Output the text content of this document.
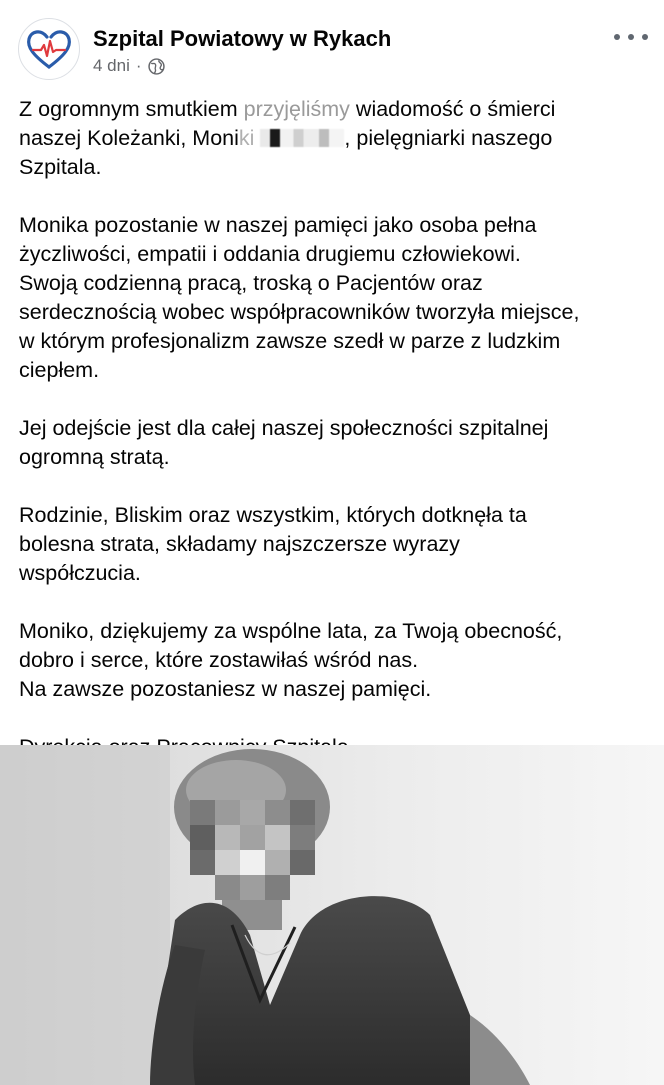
Szpital Powiatowy w Rykach
4 dni ·

Z ogromnym smutkiem przyjęliśmy wiadomość o śmierci
naszej Koleżanki, Moniki	, pielęgniarki naszego
Szpitala.

Monika pozostanie w naszej pamięci jako osoba pełna
życzliwości, empatii i oddania drugiemu człowiekowi.
Swoją codzienną pracą, troską o Pacjentów oraz
serdecznością wobec współpracowników tworzyła miejsce,
w którym profesjonalizm zawsze szedł w parze z ludzkim
ciepłem.

Jej odejście jest dla całej naszej społeczności szpitalnej
ogromną stratą.

Rodzinie, Bliskim oraz wszystkim, których dotknęła ta
bolesna strata, składamy najszczersze wyrazy
współczucia.

Moniko, dziękujemy za wspólne lata, za Twoją obecność,
dobro i serce, które zostawiłaś wśród nas.
Na zawsze pozostaniesz w naszej pamięci.
